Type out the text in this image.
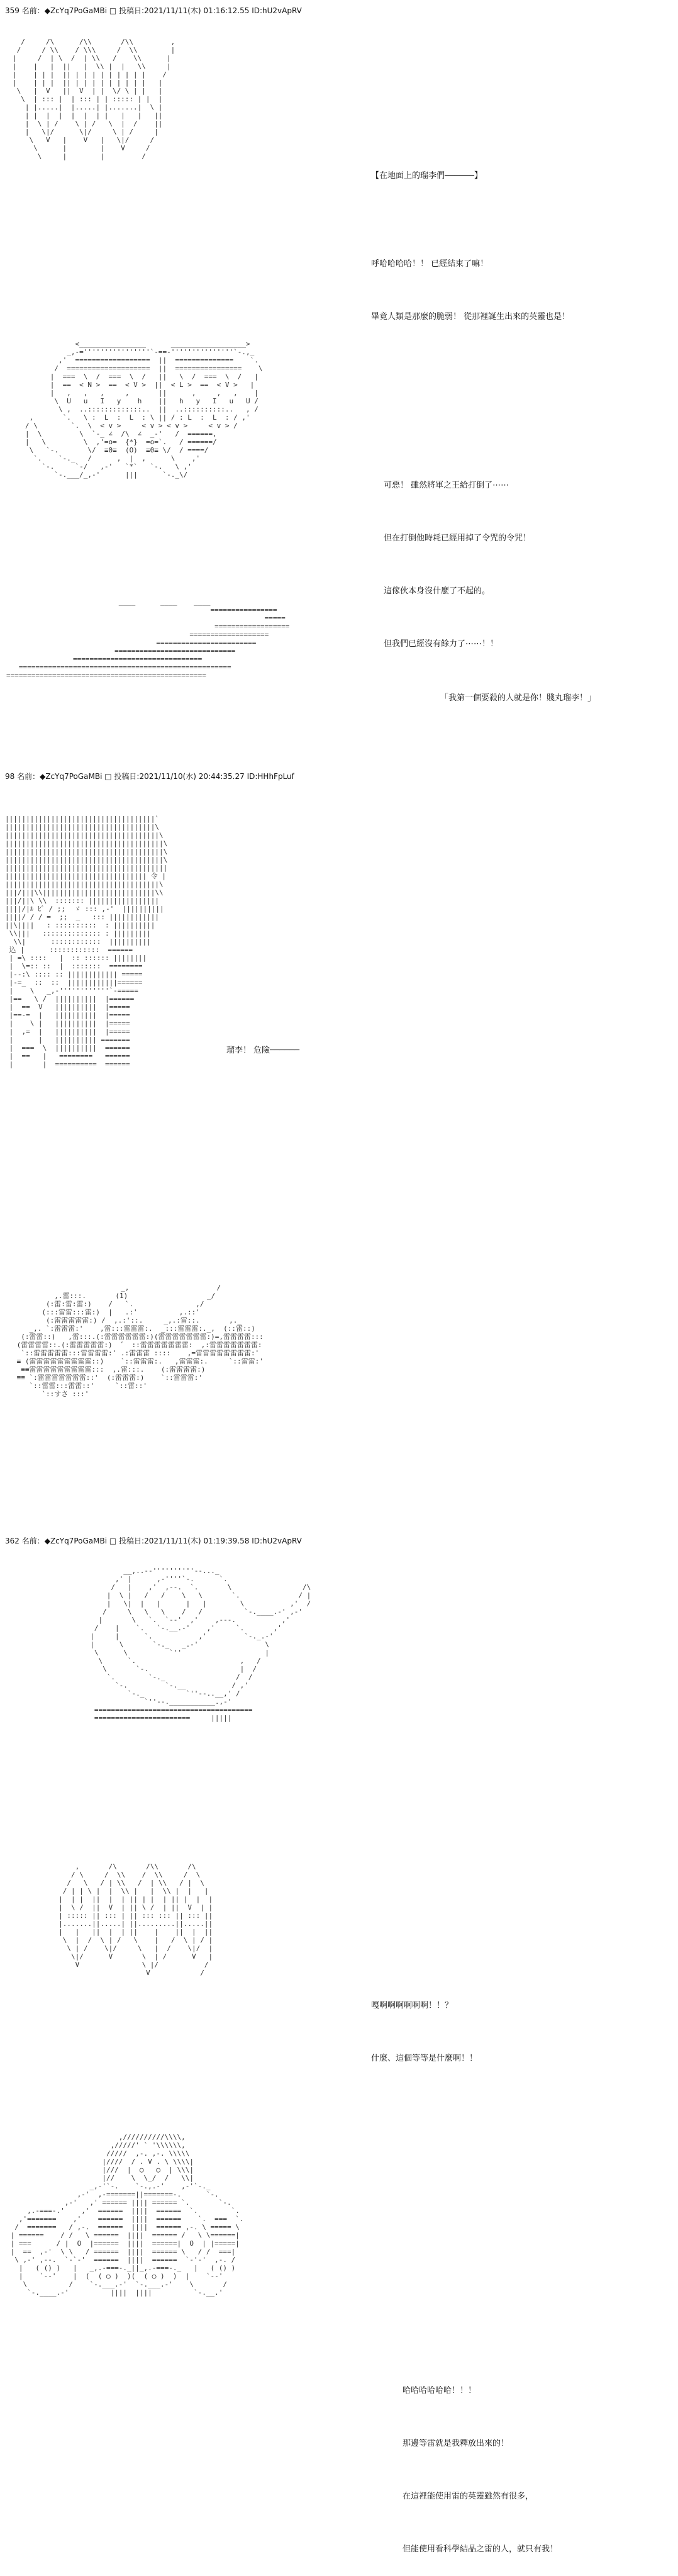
359 名前：◆ZcYq7PoGaMBi □ 投稿日:2021/11/11(木) 01:16:12.55 ID:hU2vApRV
/     /\      /\\       /\\         ,
/     / \\    / \\\     /  \\        |
|     /  | \  /  | \\   /    \\      |
|    |   |  ||   |  \\ |  |   \\     |
|    | | |  || | | | | | | | | |    /
|    | | |  || | | | | | | | | |   |
\   |  V   ||  V  | |  \/ \ | |   |
\  | ::: |  | ::: | | ::::: | |  |
| |.....|  |.....| |.......|  \ |
| |  |  |  |  |  | |   |   |   ||
|  \ | /    \ | /   \  |  /    ||
|   \|/      \|/     \ | /     |
\   V   |    V   |   \|/     /
\      |        |    V     /
\     |        |         /

【在地面上的瑠李們──────】

呼哈哈哈哈！！ 已經結束了嘛！

畢竟人類是那麼的脆弱！ 從那裡誕生出來的英靈也是！

<________________      __________________>
_,-=''''''''''''''''`-==-'''''''''''''''`-.,_
,'  ==================  ||  ==============    `.
/  ====================  ||  ================    \
|  ===  \  /  ===  \  /   ||   \  /  ===  \  /   |
|  ==  < N >  ==  < V >  ||  < L >  ==  < V >   |
|   ,   ,   ,     ,       ||      ,     ,   ,    |
\  U   u   I   y    h    ||   h   y   I   u   U /
\ ,  ..:::::::::::::..  ||  ..::::::::::..   , /
,       `.   \ :  L  :  L  : \ || / : L  :  L  : / ,'
/ \        `.  \  < v >     < v > < v >     < v > /
|  \         \  `-_ ∠  /\  ∠  _-'   /  ======,
|   \         \  ,'=o=  {*}  =o=`.   / ======/
\   `-.       \/  ≡0≡  (O)  ≡0≡ \/  / ====/
`.    `-._   /      ,  |  ,      \    ,'
`-.     `-/   ,-'   `*`   `-.   \ ,'
`-.___/_,-'      |||      `-._\/

可惡！ 雖然將軍之王給打倒了⋯⋯

但在打倒他時耗已經用掉了令咒的令咒！

這傢伙本身沒什麼了不起的。

但我們已經沒有餘力了⋯⋯！！

____      ____    ____
================
=====
==================
===================
========================
=============================
===============================
===================================================
================================================

「我第一個要殺的人就是你！賤丸瑠李！」

98 名前：◆ZcYq7PoGaMBi □ 投稿日:2021/11/10(水) 20:44:35.27 ID:HHhFpLuf
||||||||||||||||||||||||||||||||||||`
||||||||||||||||||||||||||||||||||||\
|||||||||||||||||||||||||||||||||||||\
||||||||||||||||||||||||||||||||||||||\
||||||||||||||||||||||||||||||||||||||\
||||||||||||||||||||||||||||||||||||||\
|||||||||||||||||||||||||||||||||||||||
|||||||||||||||||||||||||||||||||| 令 |
|||||||||||||||||||||||||||||||||||||\
|||/|||\\|||||||||||||||||||||||||||\\
|||/||\ \\  ::::::: |||||||||||||||||
||||/|ﾙ ﾋﾞ / ;;  ゞ ::: ,-'  ||||||||||
||||/ / / =  ;;  _   ::: ||||||||||||
||\||||   : ::::::::::  : ||||||||||
\\|||   :::::::::::::: : |||||||||
\\|      ::::::::::::  ||||||||||
込 |      ::::::::::::  ======
| =\ ::::   |  :: :::::: ||||||||
|  \=:: ::  |  :::::::  ========
|--:\ :::: :: |||||||||||| =====
|-=_  ::  ::  ||||||||||||======
|    \   _,-''''''''''''`-=====
|==   \ /  ||||||||||  |======
|  ==  V   ||||||||||  |=====
|==-=  |   ||||||||||  |=====
|    \ |   ||||||||||  |=====
|  ,=  |   ||||||||||  |=====
|      |   |||||||||| =======
|  ===  \  ||||||||||  ======
|  ==   |   ========   ======
|       |  ==========  ======

瑠李！ 危險──────

_,                     /
,.雷:::.       (1)                   _/
(:雷:雷:雷:)    /   `.               ,/
(:::雷雷:::雷:)  |   .:'          ,.::'
(:雷雷雷雷雷:) /  ,.:'::.     _,.:雷::.       ,._
_,. `:雷雷雷:'    ,雷:::雷雷雷:.  _:::雷雷雷:._,  (::雷::)
(:雷雷::)   ,雷:::.(:雷雷雷雷雷雷:)(雷雷雷雷雷雷雷:)=,雷雷雷雷:::
(雷雷雷雷::.(:雷雷雷雷雷:)  ゛ ::雷雷雷雷雷雷雷:  ,:雷雷雷雷雷雷雷:
`::雷雷雷雷雷:::雷雷雷雷:' .:雷雷雷 ::::    ,=雷雷雷雷雷雷雷雷:'
≡ (雷雷雷雷雷雷雷雷雷::)    `::雷雷雷:.   ,雷雷雷:.     `::雷雷:'
≡≡雷雷雷雷雷雷雷雷雷:::  ,.雷:::.    (:雷雷雷雷:)
≡≡ `:雷雷雷雷雷雷雷::'  (:雷雷雷:)    `::雷雷雷:'
`::雷雷:::雷雷::'     `::雷::'
`::すさ :::'

362 名前：◆ZcYq7PoGaMBi □ 投稿日:2021/11/11(木) 01:19:39.58 ID:hU2vApRV
__,..--''''''''''--..._
,' |      ,-''''`-.      `.
/   |    ,'  ,--.  `.       \                 /\
|  \ |   /   /    \   \       `.              / |
|   \|  |   |      |   |        \           ,'  /
/     \   \   \    /   /          `-.____.-' ,-'
|       \   `.  `--'  ,'    ,---.           ,'
/    |    `.   `-.__.-'    ,'     `.       ,'
|     |      `.           ,'         `-._.-'
|      \       `-._   _.-'                \
\      \          `''                    |
\      `.                         ,   /
\       `-.                      |  /
`.        `-._                 /  /
`-.         `-.__           / ,'
`-._          `''--..__,' /
`''--.___________.,-'
======================================
=======================     |||||

,       /\       /\\       /\
/ \     /  \\    /  \\     /  \
/   \   / | \\   /  | \\   / |  \
/ | | \ |  |  \\ |   |  \\ |  |   |
|  | |  ||  |  | || | |  | || |  |  |
|  \ /  ||  V  | || \ /  | ||  V  | |
| ::::: || ::: | || ::: ::: || ::: ||
|.......||.....| ||.........||.....||
|   |   ||  |  | ||    |    ||  |  ||
\  |  /  \ | /   \    |   /  \ | / |
\ | /    \|/     \   |  /    \|/  |
\|/      V       \  | /      V   |
V               \ |/           /
V            /

嘎啊啊啊啊啊啊！！？

什麼、這個等等是什麼啊！！

,//////////\\\\,
,/////' ` '\\\\\\,
/////  ,-. ,-. \\\\\
|////  / . V . \ \\\\|
|///  |  ◯   ◯  | \\\|
|//    \  \_/  /   \\|
_,-'`-.    `-.,.-'    ,-'`-._
,-'  ,-=======||=======-.      `-.
,-'   ,' ====== |||| ====== `.       `-.
,.-===-.'    ,'  ======  ||||  ======  `.        `.
,'=======    ,'    ======  ||||  ======    `.  ===  `.
/  =======   / ,-.  ======  ||||  ====== ,-. \ ===== \
| ======    / /   \ ======  ||||  ====== /   \ \======|
| ===      / |  O  |======  ||||  ======|  O  | |=====|
|  ==  ,-'  \ \   / ======  ||||  ====== \   / /  ===|
\ ,-' ,--.  `-`-'  ======  ||||  ======  `-'-'  ,-. /
|   ( () )   |   _,.-===-._||_,.-===-._   |   ( () )
|    `--'    |  (  ( ◯ )  )(  ( ◯ )  )  |    `--'
\          /    `-.___.-'  `-.___.-'    \       /
`-.____.-'          ||||  ||||          `-.__.'

哈哈哈哈哈哈！！！

那邊等雷就是我釋放出來的！

在這裡能使用雷的英靈雖然有很多，

但能使用看科學結晶之雷的人，就只有我！
